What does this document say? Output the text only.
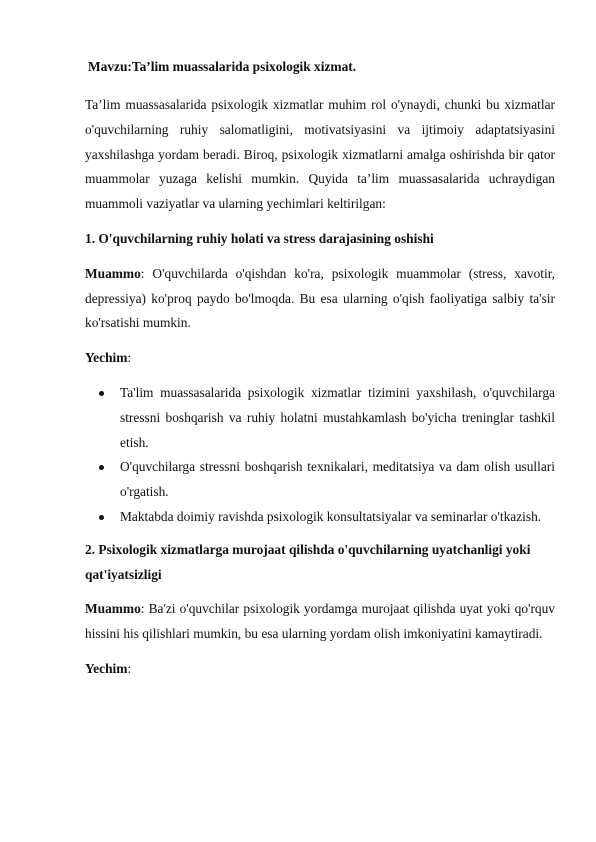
Mavzu:Ta’lim muassalarida psixologik xizmat.

Ta’lim muassasalarida psixologik xizmatlar muhim rol o'ynaydi, chunki bu xizmatlar o'quvchilarning ruhiy salomatligini, motivatsiyasini va ijtimoiy adaptatsiyasini yaxshilashga yordam beradi. Biroq, psixologik xizmatlarni amalga oshirishda bir qator muammolar yuzaga kelishi mumkin. Quyida ta’lim muassasalarida uchraydigan muammoli vaziyatlar va ularning yechimlari keltirilgan:

1. O'quvchilarning ruhiy holati va stress darajasining oshishi

Muammo: O'quvchilarda o'qishdan ko'ra, psixologik muammolar (stress, xavotir, depressiya) ko'proq paydo bo'lmoqda. Bu esa ularning o'qish faoliyatiga salbiy ta'sir ko'rsatishi mumkin.

Yechim:
Ta'lim muassasalarida psixologik xizmatlar tizimini yaxshilash, o'quvchilarga stressni boshqarish va ruhiy holatni mustahkamlash bo'yicha treninglar tashkil etish.
O'quvchilarga stressni boshqarish texnikalari, meditatsiya va dam olish usullari o'rgatish.
Maktabda doimiy ravishda psixologik konsultatsiyalar va seminarlar o'tkazish.
2. Psixologik xizmatlarga murojaat qilishda o'quvchilarning uyatchanligi yoki qat'iyatsizligi

Muammo: Ba'zi o'quvchilar psixologik yordamga murojaat qilishda uyat yoki qo'rquv hissini his qilishlari mumkin, bu esa ularning yordam olish imkoniyatini kamaytiradi.

Yechim:
